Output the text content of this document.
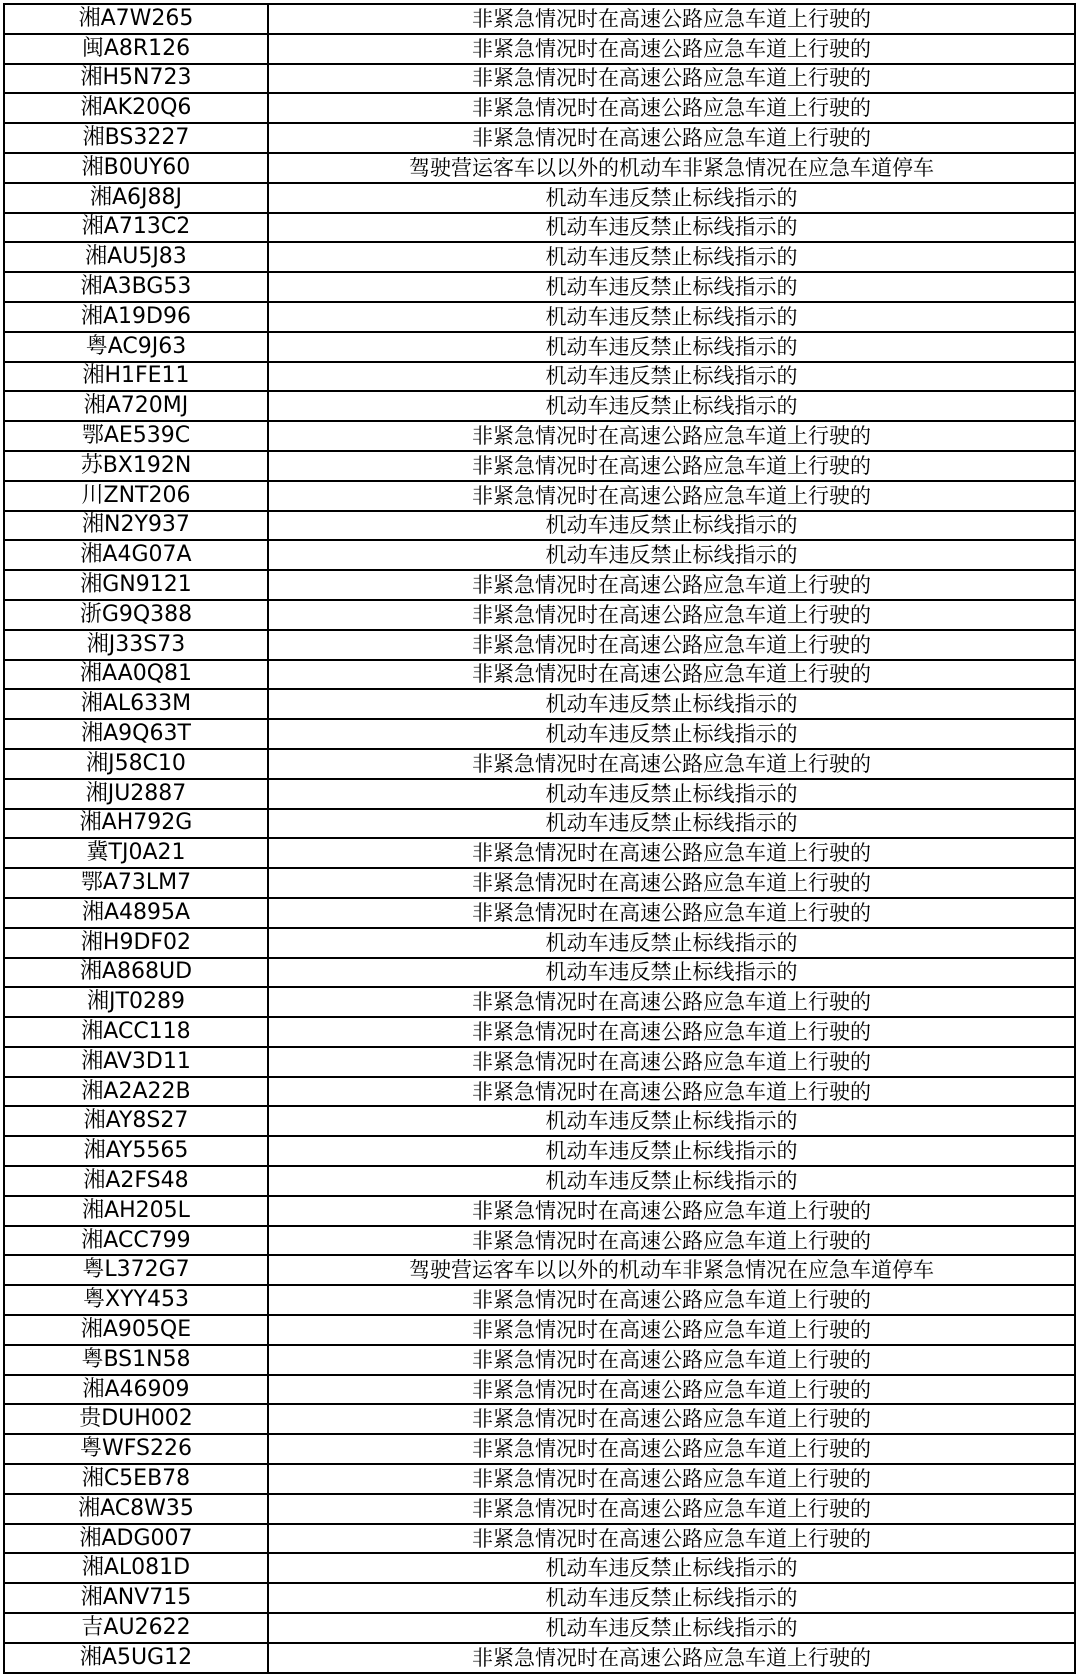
湘A7W265	非紧急情况时在高速公路应急车道上行驶的
闽A8R126	非紧急情况时在高速公路应急车道上行驶的
湘H5N723	非紧急情况时在高速公路应急车道上行驶的
湘AK20Q6	非紧急情况时在高速公路应急车道上行驶的
湘BS3227	非紧急情况时在高速公路应急车道上行驶的
湘B0UY60	驾驶营运客车以以外的机动车非紧急情况在应急车道停车
湘A6J88J	机动车违反禁止标线指示的
湘A713C2	机动车违反禁止标线指示的
湘AU5J83	机动车违反禁止标线指示的
湘A3BG53	机动车违反禁止标线指示的
湘A19D96	机动车违反禁止标线指示的
粤AC9J63	机动车违反禁止标线指示的
湘H1FE11	机动车违反禁止标线指示的
湘A720MJ	机动车违反禁止标线指示的
鄂AE539C	非紧急情况时在高速公路应急车道上行驶的
苏BX192N	非紧急情况时在高速公路应急车道上行驶的
川ZNT206	非紧急情况时在高速公路应急车道上行驶的
湘N2Y937	机动车违反禁止标线指示的
湘A4G07A	机动车违反禁止标线指示的
湘GN9121	非紧急情况时在高速公路应急车道上行驶的
浙G9Q388	非紧急情况时在高速公路应急车道上行驶的
湘J33S73	非紧急情况时在高速公路应急车道上行驶的
湘AA0Q81	非紧急情况时在高速公路应急车道上行驶的
湘AL633M	机动车违反禁止标线指示的
湘A9Q63T	机动车违反禁止标线指示的
湘J58C10	非紧急情况时在高速公路应急车道上行驶的
湘JU2887	机动车违反禁止标线指示的
湘AH792G	机动车违反禁止标线指示的
冀TJ0A21	非紧急情况时在高速公路应急车道上行驶的
鄂A73LM7	非紧急情况时在高速公路应急车道上行驶的
湘A4895A	非紧急情况时在高速公路应急车道上行驶的
湘H9DF02	机动车违反禁止标线指示的
湘A868UD	机动车违反禁止标线指示的
湘JT0289	非紧急情况时在高速公路应急车道上行驶的
湘ACC118	非紧急情况时在高速公路应急车道上行驶的
湘AV3D11	非紧急情况时在高速公路应急车道上行驶的
湘A2A22B	非紧急情况时在高速公路应急车道上行驶的
湘AY8S27	机动车违反禁止标线指示的
湘AY5565	机动车违反禁止标线指示的
湘A2FS48	机动车违反禁止标线指示的
湘AH205L	非紧急情况时在高速公路应急车道上行驶的
湘ACC799	非紧急情况时在高速公路应急车道上行驶的
粤L372G7	驾驶营运客车以以外的机动车非紧急情况在应急车道停车
粤XYY453	非紧急情况时在高速公路应急车道上行驶的
湘A905QE	非紧急情况时在高速公路应急车道上行驶的
粤BS1N58	非紧急情况时在高速公路应急车道上行驶的
湘A46909	非紧急情况时在高速公路应急车道上行驶的
贵DUH002	非紧急情况时在高速公路应急车道上行驶的
粤WFS226	非紧急情况时在高速公路应急车道上行驶的
湘C5EB78	非紧急情况时在高速公路应急车道上行驶的
湘AC8W35	非紧急情况时在高速公路应急车道上行驶的
湘ADG007	非紧急情况时在高速公路应急车道上行驶的
湘AL081D	机动车违反禁止标线指示的
湘ANV715	机动车违反禁止标线指示的
吉AU2622	机动车违反禁止标线指示的
湘A5UG12	非紧急情况时在高速公路应急车道上行驶的
